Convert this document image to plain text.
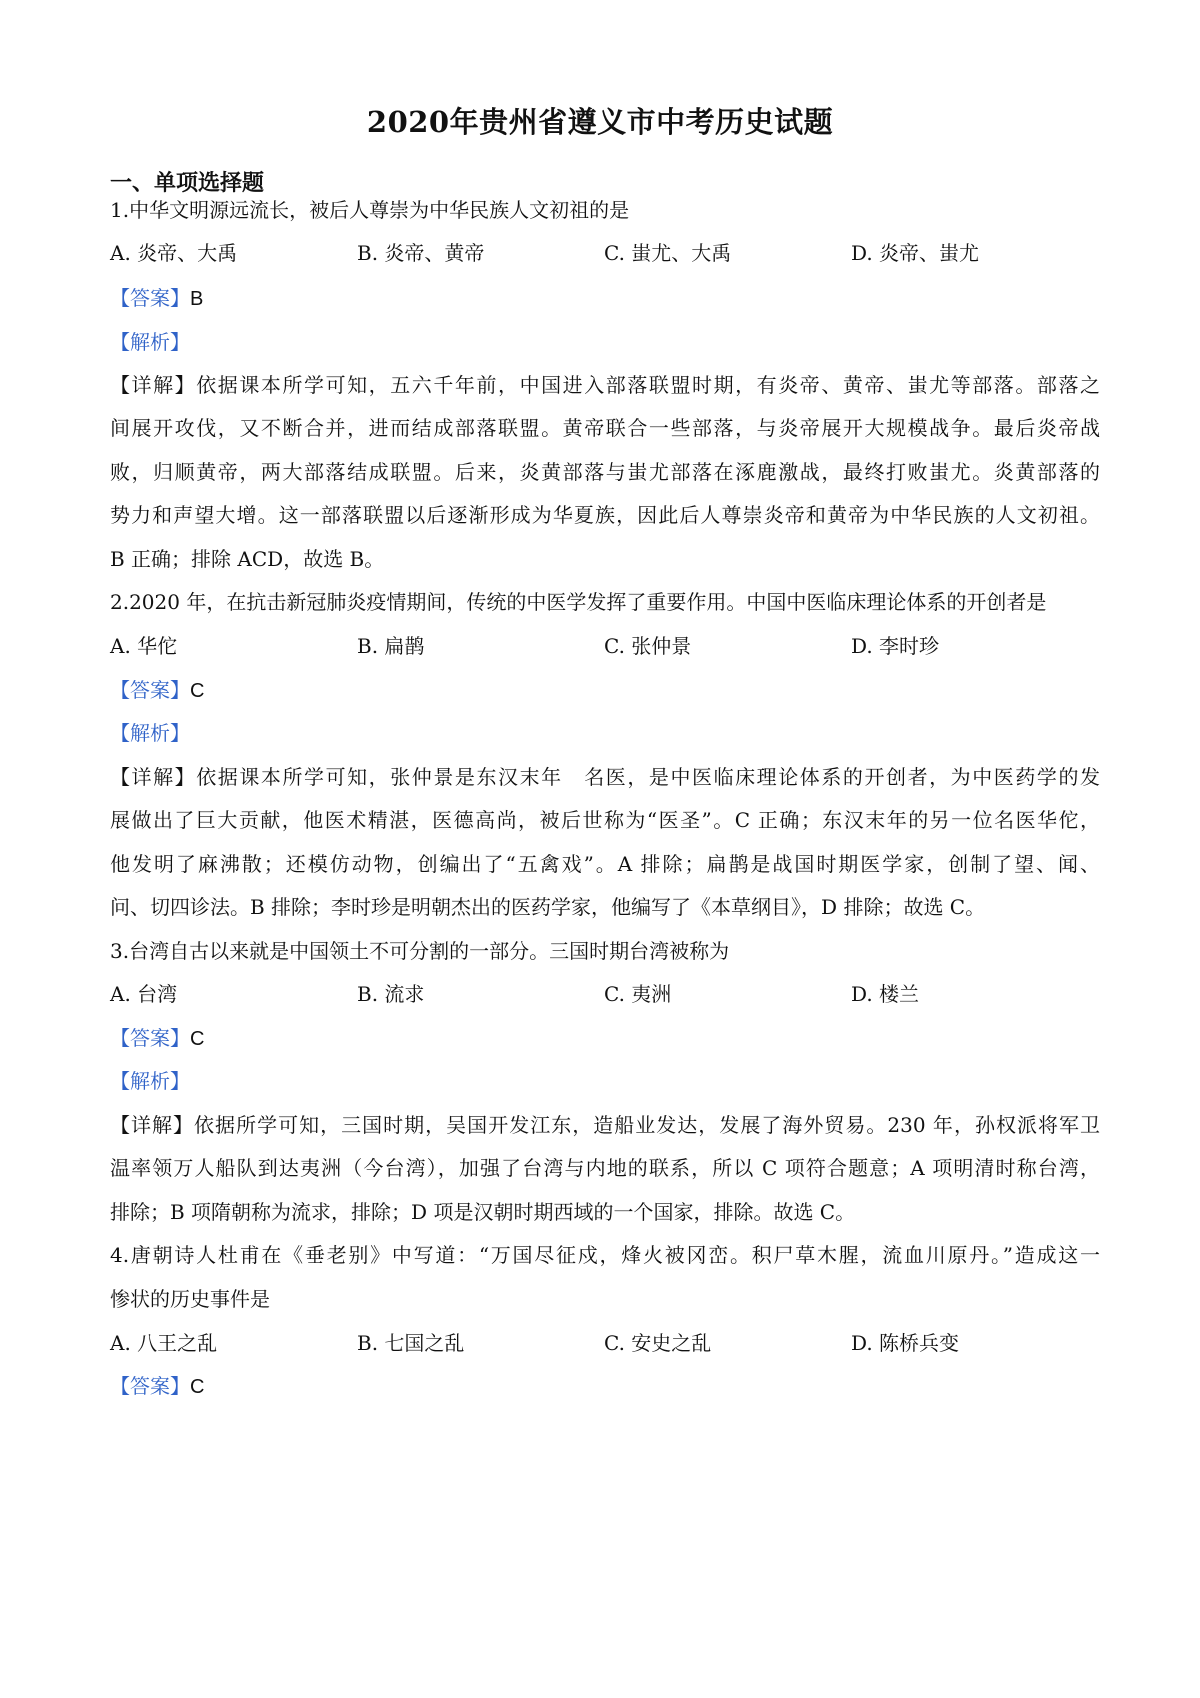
2020年贵州省遵义市中考历史试题
一、单项选择题
1.中华文明源远流长，被后人尊崇为中华民族人文初祖的是
A. 炎帝、大禹	B. 炎帝、黄帝	C. 蚩尤、大禹	D. 炎帝、蚩尤
【答案】B
【解析】
【详解】依据课本所学可知，五六千年前，中国进入部落联盟时期，有炎帝、黄帝、蚩尤等部落。部落之
间展开攻伐，又不断合并，进而结成部落联盟。黄帝联合一些部落，与炎帝展开大规模战争。最后炎帝战
败，归顺黄帝，两大部落结成联盟。后来，炎黄部落与蚩尤部落在涿鹿激战，最终打败蚩尤。炎黄部落的
势力和声望大增。这一部落联盟以后逐渐形成为华夏族，因此后人尊崇炎帝和黄帝为中华民族的人文初祖。
B 正确；排除 ACD，故选 B。
2.2020 年，在抗击新冠肺炎疫情期间，传统的中医学发挥了重要作用。中国中医临床理论体系的开创者是
A. 华佗	B. 扁鹊	C. 张仲景	D. 李时珍
【答案】C
【解析】
【详解】依据课本所学可知，张仲景是东汉末年　名医，是中医临床理论体系的开创者，为中医药学的发
展做出了巨大贡献，他医术精湛，医德高尚，被后世称为“医圣”。C 正确；东汉末年的另一位名医华佗，
他发明了麻沸散；还模仿动物，创编出了“五禽戏”。A 排除；扁鹊是战国时期医学家，创制了望、闻、
问、切四诊法。B 排除；李时珍是明朝杰出的医药学家，他编写了《本草纲目》，D 排除；故选 C。
3.台湾自古以来就是中国领土不可分割的一部分。三国时期台湾被称为
A. 台湾	B. 流求	C. 夷洲	D. 楼兰
【答案】C
【解析】
【详解】依据所学可知，三国时期，吴国开发江东，造船业发达，发展了海外贸易。230 年，孙权派将军卫
温率领万人船队到达夷洲（今台湾），加强了台湾与内地的联系，所以 C 项符合题意；A 项明清时称台湾，
排除；B 项隋朝称为流求，排除；D 项是汉朝时期西域的一个国家，排除。故选 C。
4.唐朝诗人杜甫在《垂老别》中写道：“万国尽征戍，烽火被冈峦。积尸草木腥，流血川原丹。”造成这一
惨状的历史事件是
A. 八王之乱	B. 七国之乱	C. 安史之乱	D. 陈桥兵变
【答案】C
